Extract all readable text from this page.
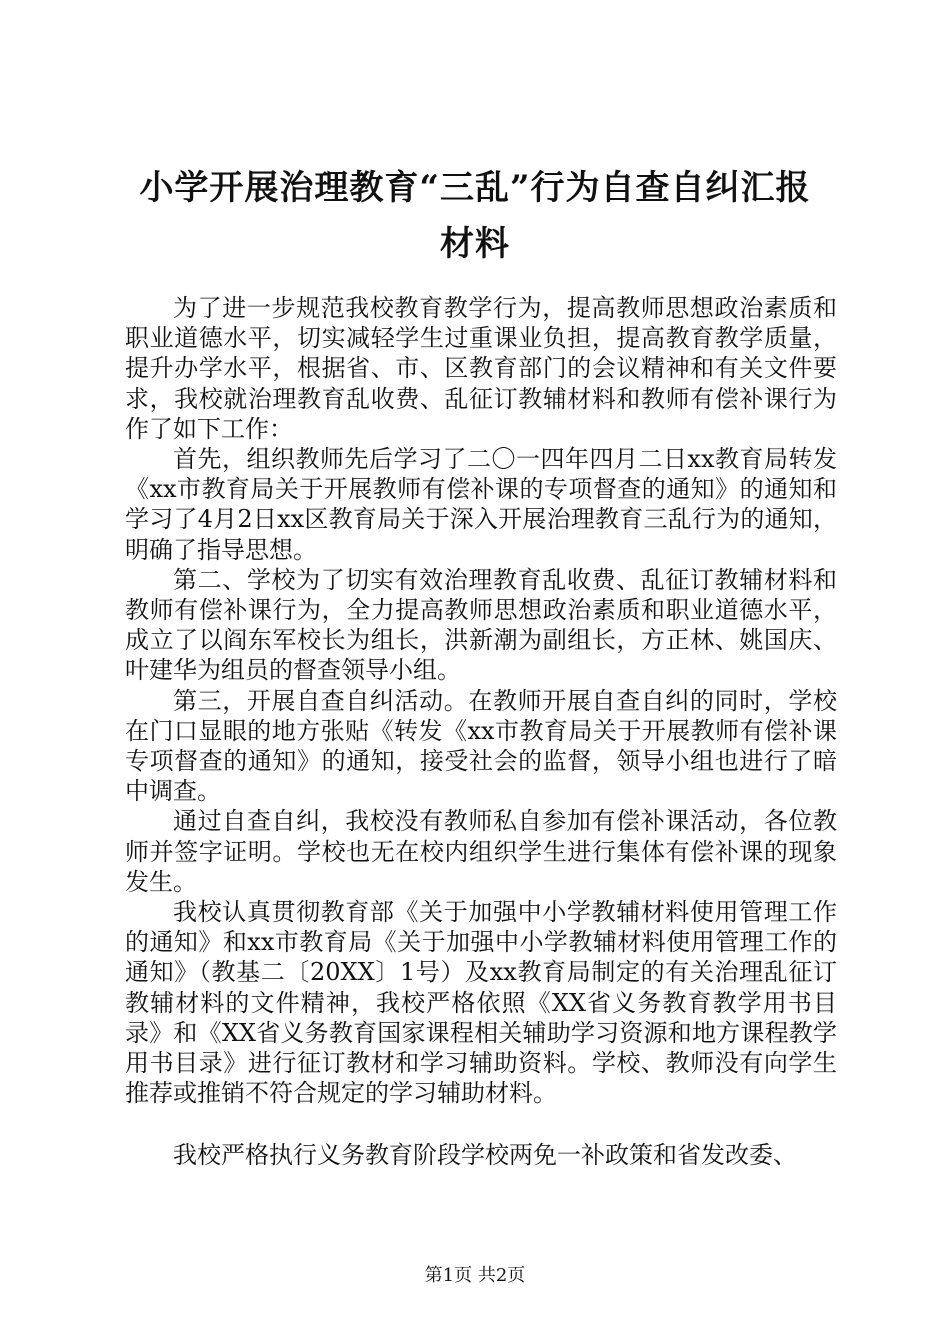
小学开展治理教育“三乱”行为自查自纠汇报
材料

为了进一步规范我校教育教学行为，提高教师思想政治素质和职业道德水平，切实减轻学生过重课业负担，提高教育教学质量，提升办学水平，根据省、市、区教育部门的会议精神和有关文件要求，我校就治理教育乱收费、乱征订教辅材料和教师有偿补课行为作了如下工作：

首先，组织教师先后学习了二〇一四年四月二日xx教育局转发《xx市教育局关于开展教师有偿补课的专项督查的通知》的通知和学习了4月2日xx区教育局关于深入开展治理教育三乱行为的通知，明确了指导思想。

第二、学校为了切实有效治理教育乱收费、乱征订教辅材料和教师有偿补课行为，全力提高教师思想政治素质和职业道德水平，成立了以阎东军校长为组长，洪新潮为副组长，方正林、姚国庆、叶建华为组员的督查领导小组。

第三，开展自查自纠活动。在教师开展自查自纠的同时，学校在门口显眼的地方张贴《转发《xx市教育局关于开展教师有偿补课专项督查的通知》的通知，接受社会的监督，领导小组也进行了暗中调查。

通过自查自纠，我校没有教师私自参加有偿补课活动，各位教师并签字证明。学校也无在校内组织学生进行集体有偿补课的现象发生。

我校认真贯彻教育部《关于加强中小学教辅材料使用管理工作的通知》和xx市教育局《关于加强中小学教辅材料使用管理工作的通知》（教基二〔20XX〕1号）及xx教育局制定的有关治理乱征订教辅材料的文件精神，我校严格依照《XX省义务教育教学用书目录》和《XX省义务教育国家课程相关辅助学习资源和地方课程教学用书目录》进行征订教材和学习辅助资料。学校、教师没有向学生推荐或推销不符合规定的学习辅助材料。

我校严格执行义务教育阶段学校两免一补政策和省发改委、

第1页 共2页
